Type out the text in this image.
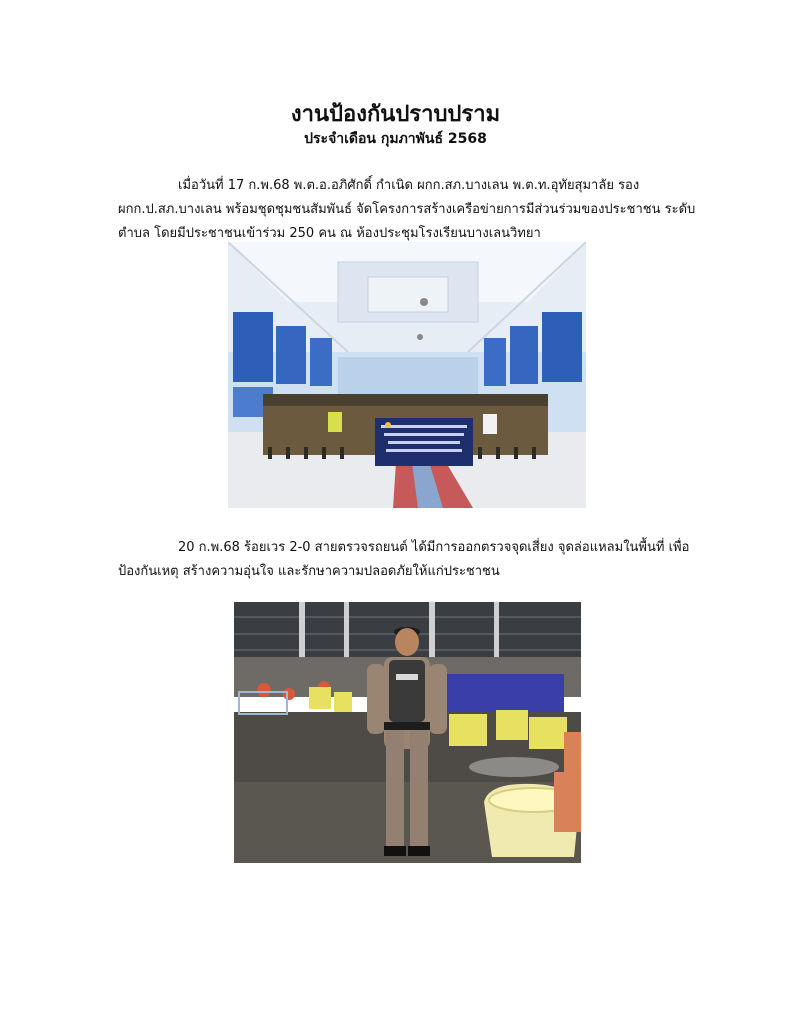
งานป้องกันปราบปราม
ประจำเดือน กุมภาพันธ์ 2568

เมื่อวันที่ 17 ก.พ.68 พ.ต.อ.อภิศักดิ์ กำเนิด ผกก.สภ.บางเลน พ.ต.ท.อุทัยสุมาลัย รอง ผกก.ป.สภ.บางเลน พร้อมชุดชุมชนสัมพันธ์ จัดโครงการสร้างเครือข่ายการมีส่วนร่วมของประชาชน ระดับตำบล โดยมีประชาชนเข้าร่วม 250 คน ณ ห้องประชุมโรงเรียนบางเลนวิทยา

20 ก.พ.68 ร้อยเวร 2-0 สายตรวจรถยนต์ ได้มีการออกตรวจจุดเสี่ยง จุดล่อแหลมในพื้นที่ เพื่อป้องกันเหตุ สร้างความอุ่นใจ และรักษาความปลอดภัยให้แก่ประชาชน
